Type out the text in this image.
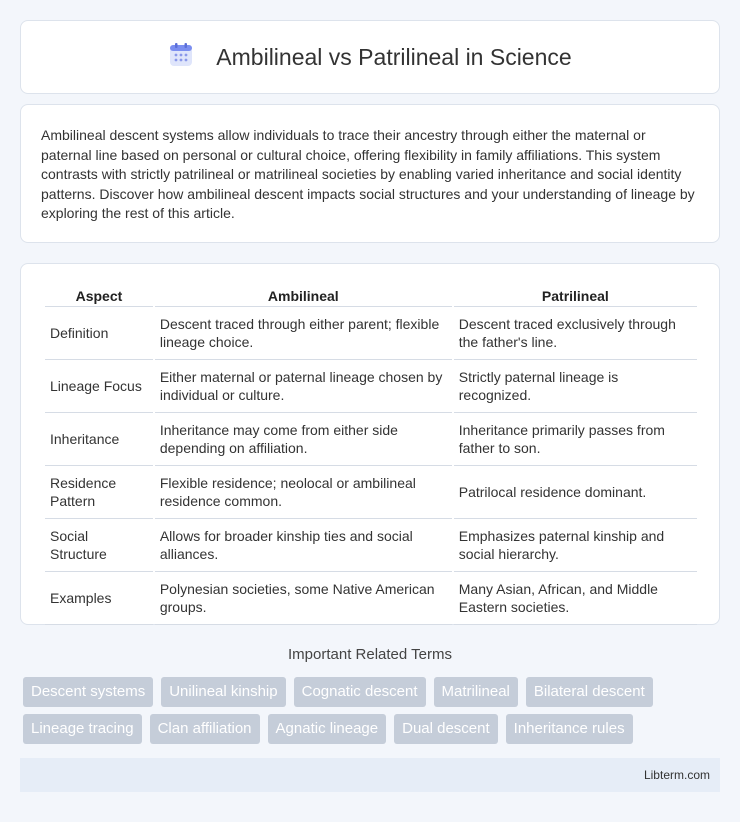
Ambilineal vs Patrilineal in Science

Ambilineal descent systems allow individuals to trace their ancestry through either the maternal or paternal line based on personal or cultural choice, offering flexibility in family affiliations. This system contrasts with strictly patrilineal or matrilineal societies by enabling varied inheritance and social identity patterns. Discover how ambilineal descent impacts social structures and your understanding of lineage by exploring the rest of this article.

Aspect	Ambilineal	Patrilineal
Definition	Descent traced through either parent; flexible lineage choice.	Descent traced exclusively through the father's line.
Lineage Focus	Either maternal or paternal lineage chosen by individual or culture.	Strictly paternal lineage is recognized.
Inheritance	Inheritance may come from either side depending on affiliation.	Inheritance primarily passes from father to son.
Residence Pattern	Flexible residence; neolocal or ambilineal residence common.	Patrilocal residence dominant.
Social Structure	Allows for broader kinship ties and social alliances.	Emphasizes paternal kinship and social hierarchy.
Examples	Polynesian societies, some Native American groups.	Many Asian, African, and Middle Eastern societies.
Important Related Terms
Descent systems	Unilineal kinship	Cognatic descent	Matrilineal	Bilateral descent
Lineage tracing	Clan affiliation	Agnatic lineage	Dual descent	Inheritance rules
Libterm.com
